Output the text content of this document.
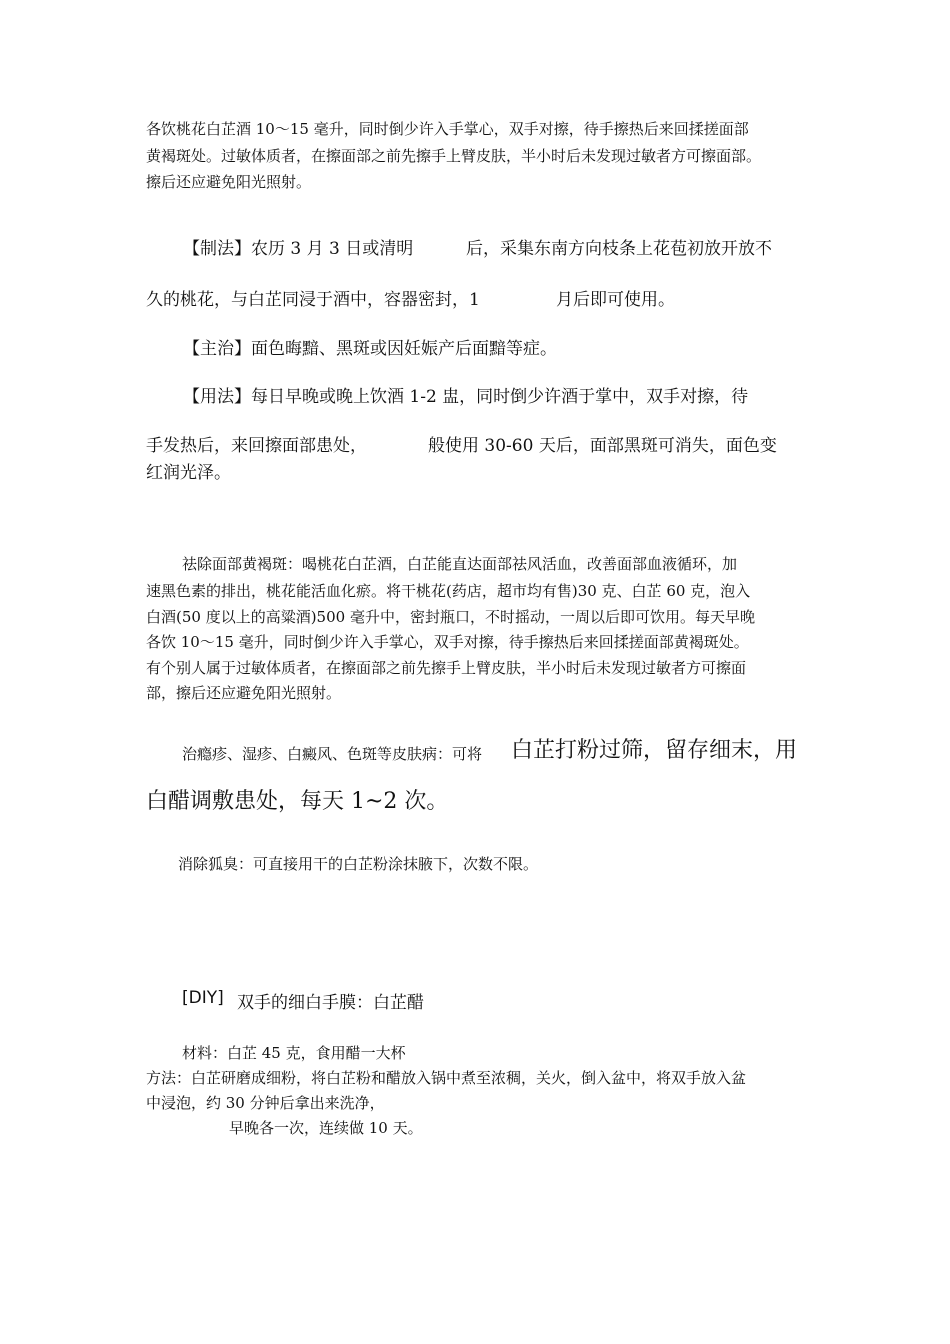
各饮桃花白芷酒 10～15 毫升，同时倒少许入手掌心，双手对擦，待手擦热后来回揉搓面部
黄褐斑处。过敏体质者，在擦面部之前先擦手上臂皮肤，半小时后未发现过敏者方可擦面部。
擦后还应避免阳光照射。
【制法】农历 3 月 3 日或清明	后，采集东南方向枝条上花苞初放开放不
久的桃花，与白芷同浸于酒中，容器密封，1	月后即可使用。
【主治】面色晦黯、黑斑或因妊娠产后面黯等症。
【用法】每日早晚或晚上饮酒 1-2 盅，同时倒少许酒于掌中，双手对擦，待
手发热后，来回擦面部患处，	般使用 30-60 天后，面部黑斑可消失，面色变
红润光泽。
祛除面部黄褐斑：喝桃花白芷酒，白芷能直达面部祛风活血，改善面部血液循环，加
速黑色素的排出，桃花能活血化瘀。将干桃花(药店，超市均有售)30 克、白芷 60 克，泡入
白酒(50 度以上的高粱酒)500 毫升中，密封瓶口，不时摇动，一周以后即可饮用。每天早晚
各饮 10～15 毫升，同时倒少许入手掌心，双手对擦，待手擦热后来回揉搓面部黄褐斑处。
有个别人属于过敏体质者，在擦面部之前先擦手上臂皮肤，半小时后未发现过敏者方可擦面
部，擦后还应避免阳光照射。
治瘾疹、湿疹、白癜风、色斑等皮肤病：可将 白芷打粉过筛，留存细末，用
白醋调敷患处，每天 1~2 次。
消除狐臭：可直接用干的白芷粉涂抹腋下，次数不限。
[DIY] 双手的细白手膜：白芷醋
材料：白芷 45 克，食用醋一大杯
方法：白芷研磨成细粉，将白芷粉和醋放入锅中煮至浓稠，关火，倒入盆中，将双手放入盆
中浸泡，约 30 分钟后拿出来洗净，
早晚各一次，连续做 10 天。
